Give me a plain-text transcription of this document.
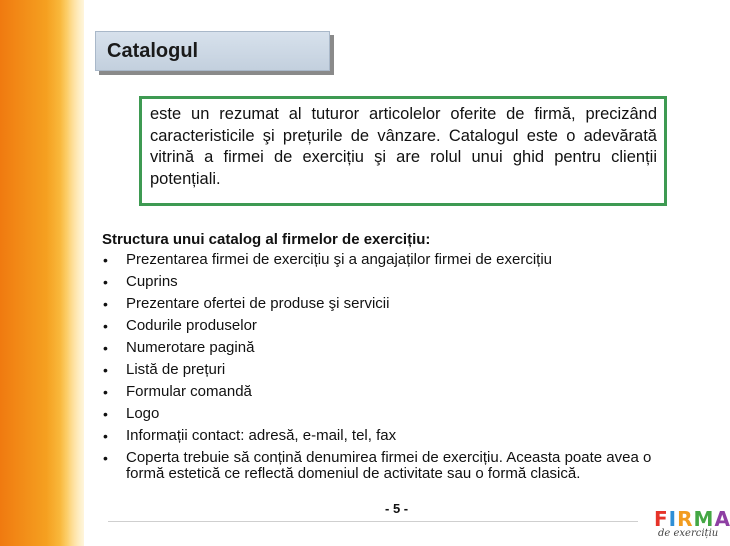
Catalogul

este un rezumat al tuturor articolelor oferite de firmă, precizând caracteristicile şi prețurile de vânzare. Catalogul este o adevărată vitrină a firmei de exercițiu şi are rolul unui ghid pentru clienții potențiali.

Structura unui catalog al firmelor de exercițiu:

• Prezentarea firmei de exercițiu şi a angajaților firmei de exercițiu
• Cuprins
• Prezentare ofertei de produse şi servicii
• Codurile produselor
• Numerotare pagină
• Listă de prețuri
• Formular comandă
• Logo
• Informații contact: adresă, e-mail, tel, fax
• Coperta trebuie să conțină denumirea firmei de exercițiu. Aceasta poate avea o formă estetică ce reflectă domeniul de activitate sau o formă clasică.
- 5 -	F I R M A
de exercițiu
